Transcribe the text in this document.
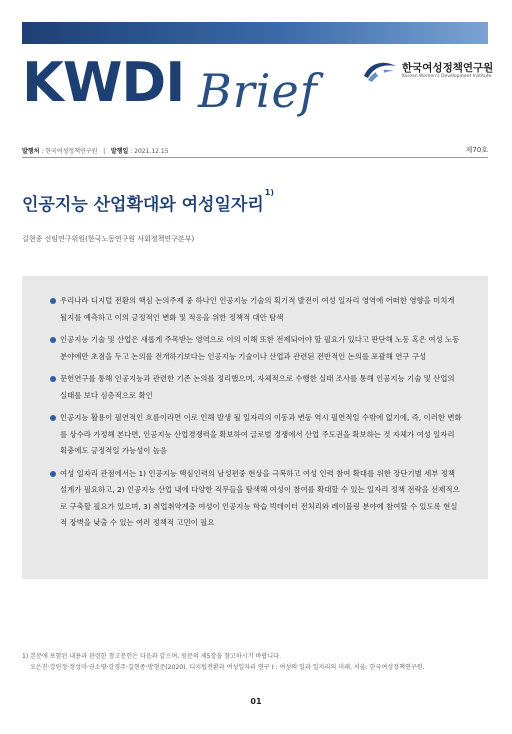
KWDI Brief	한국여성정책연구원
Korean Women's Development Institute
발행처 : 한국여성정책연구원   |   발행일 : 2021.12.15	제70호
인공지능 산업확대와 여성일자리$^{1)}$
길현종 선임연구위원(한국노동연구원 사회정책연구본부)
우리나라 디지털 전환의 핵심 논의주제 중 하나인 인공지능 기술의 획기적 발전이 여성 일자리 영역에 어떠한 영향을 미치게 될지를 예측하고 이의 긍정적인 변화 및 적응을 위한 정책적 대안 탐색
인공지능 기술 및 산업은 새롭게 주목받는 영역으로 이의 이해 또한 전제되어야 할 필요가 있다고 판단해 노동 혹은 여성 노동 분야에만 초점을 두고 논의를 전개하기보다는 인공지능 기술이나 산업과 관련된 전반적인 논의를 포괄해 연구 구성
문헌연구를 통해 인공지능과 관련한 기존 논의를 정리했으며, 자체적으로 수행한 실태 조사를 통해 인공지능 기술 및 산업의 실태를 보다 심층적으로 확인
인공지능 활용이 필연적인 흐름이라면 이로 인해 발생 될 일자리의 이동과 변동 역시 필연적일 수밖에 없기에, 즉, 이러한 변화를 상수라 가정해 본다면, 인공지능 산업경쟁력을 확보하여 글로벌 경쟁에서 산업 주도권을 확보하는 것 자체가 여성 일자리 획충에도 긍정적일 가능성이 높음
여성 일자리 관점에서는 1) 인공지능 핵심인력의 남성편중 현상을 극복하고 여성 인력 참여 확대를 위한 장단기별 세부 정책 설계가 필요하고, 2) 인공지능 산업 내에 다양한 직무들을 탐색해 여성이 참여를 확대할 수 있는 일자리 정책 전략을 선제적으로 구축할 필요가 있으며, 3) 취업취약계층 여성이 인공지능 학습 빅데이터 전처리와 레이블링 분야에 참여할 수 있도록 현실적 장벽을 낮출 수 있는 여러 정책적 고민이 필요
1) 본문에 포함된 내용과 관련한 참고문헌은 다음과 같으며, 원문의 제5장을 참고하시기 바랍니다.
오은진·강민정·정성미·권소영·강경주·길현종·방형준(2020). 디지털전환과 여성일자리 연구 Ⅰ : 여성의 일과 일자리의 미래. 서울: 한국여성정책연구원.
01
